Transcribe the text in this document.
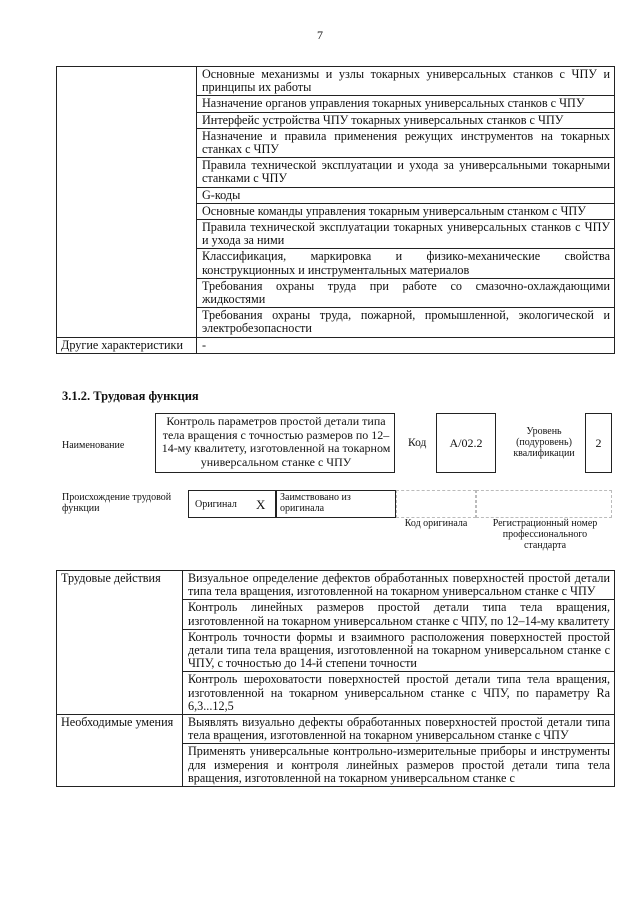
7
	Основные механизмы и узлы токарных универсальных станков с ЧПУ и принципы их работы
	Назначение органов управления токарных универсальных станков с ЧПУ
	Интерфейс устройства ЧПУ токарных универсальных станков с ЧПУ
	Назначение и правила применения режущих инструментов на токарных станках с ЧПУ
	Правила технической эксплуатации и ухода за универсальными токарными станками с ЧПУ
	G-коды
	Основные команды управления токарным универсальным станком с ЧПУ
	Правила технической эксплуатации токарных универсальных станков с ЧПУ и ухода за ними
	Классификация, маркировка и физико-механические свойства конструкционных и инструментальных материалов
	Требования охраны труда при работе со смазочно-охлаждающими жидкостями
	Требования охраны труда, пожарной, промышленной, экологической и электробезопасности
Другие характеристики	-
3.1.2. Трудовая функция
Наименование
Контроль параметров простой детали типа тела вращения с точностью размеров по 12–14-му квалитету, изготовленной на токарном универсальном станке с ЧПУ
Код	A/02.2
Уровень (подуровень) квалификации
2
Происхождение трудовой функции	Оригинал X Заимствовано из оригинала
Код оригинала	Регистрационный номер профессионального стандарта
Трудовые действия	Визуальное определение дефектов обработанных поверхностей простой детали типа тела вращения, изготовленной на токарном универсальном станке с ЧПУ
	Контроль линейных размеров простой детали типа тела вращения, изготовленной на токарном универсальном станке с ЧПУ, по 12–14-му квалитету
	Контроль точности формы и взаимного расположения поверхностей простой детали типа тела вращения, изготовленной на токарном универсальном станке с ЧПУ, с точностью до 14-й степени точности
	Контроль шероховатости поверхностей простой детали типа тела вращения, изготовленной на токарном универсальном станке с ЧПУ, по параметру Ra 6,3...12,5
Необходимые умения	Выявлять визуально дефекты обработанных поверхностей простой детали типа тела вращения, изготовленной на токарном универсальном станке с ЧПУ
	Применять универсальные контрольно-измерительные приборы и инструменты для измерения и контроля линейных размеров простой детали типа тела вращения, изготовленной на токарном универсальном станке с
